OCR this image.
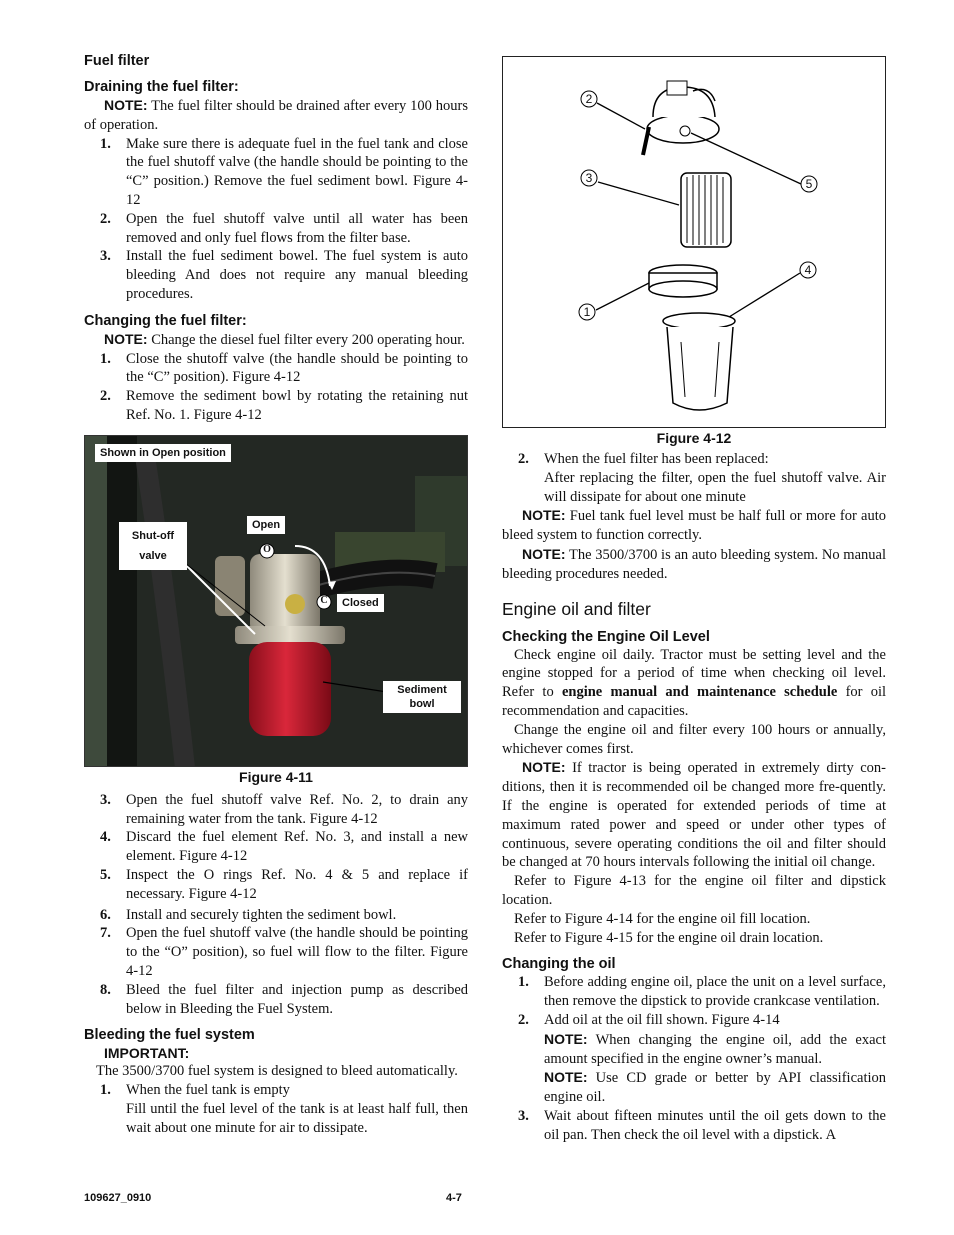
Fuel filter
Draining the fuel filter:

NOTE: The fuel filter should be drained after every 100 hours of operation.

1. Make sure there is adequate fuel in the fuel tank and close the fuel shutoff valve (the handle should be pointing to the “C” position.) Remove the fuel sediment bowl. Figure 4-12
2. Open the fuel shutoff valve until all water has been removed and only fuel flows from the filter base.
3. Install the fuel sediment bowel. The fuel system is auto bleeding And does not require any manual bleeding procedures.
Changing the fuel filter:

NOTE: Change the diesel fuel filter every 200 operating hour.

1. Close the shutoff valve (the handle should be pointing to the “C” position). Figure 4-12
2. Remove the sediment bowl by rotating the retaining nut Ref. No. 1. Figure 4-12
Shown in Open position
Shut-off
valve
Open
Closed
O
C
Sediment
bowl
Figure 4-11
3. Open the fuel shutoff valve Ref. No. 2, to drain any remaining water from the tank. Figure 4-12
4. Discard the fuel element Ref. No. 3, and install a new element. Figure 4-12
5. Inspect the O rings Ref. No. 4 & 5 and replace if necessary. Figure 4-12
6. Install and securely tighten the sediment bowl.
7. Open the fuel shutoff valve (the handle should be pointing to the “O” position), so fuel will flow to the filter. Figure 4-12
8. Bleed the fuel filter and injection pump as described below in Bleeding the Fuel System.
Bleeding the fuel system
IMPORTANT:

The 3500/3700 fuel system is designed to bleed automatically.

1. When the fuel tank is empty
Fill until the fuel level of the tank is at least half full, then wait about one minute for air to dissipate.
2
3	5
4
1
Figure 4-12
2. When the fuel filter has been replaced:
After replacing the filter, open the fuel shutoff valve. Air will dissipate for about one minute

NOTE: Fuel tank fuel level must be half full or more for auto bleed system to function correctly.

NOTE: The 3500/3700 is an auto bleeding system. No manual bleeding procedures needed.

Engine oil and filter
Checking the Engine Oil Level

Check engine oil daily. Tractor must be setting level and the engine stopped for a period of time when checking oil level. Refer to engine manual and maintenance schedule for oil recommendation and capacities.

Change the engine oil and filter every 100 hours or annually, whichever comes first.

NOTE: If tractor is being operated in extremely dirty con-ditions, then it is recommended oil be changed more fre-quently. If the engine is operated for extended periods of time at maximum rated power and speed or under other types of continuous, severe operating conditions the oil and filter should be changed at 70 hours intervals following the initial oil change.

Refer to Figure 4-13 for the engine oil filter and dipstick location.

Refer to Figure 4-14 for the engine oil fill location.

Refer to Figure 4-15 for the engine oil drain location.

Changing the oil
1. Before adding engine oil, place the unit on a level surface, then remove the dipstick to provide crankcase ventilation.
2. Add oil at the oil fill shown. Figure 4-14
NOTE: When changing the engine oil, add the exact amount specified in the engine owner’s manual.
NOTE: Use CD grade or better by API classification engine oil.
3. Wait about fifteen minutes until the oil gets down to the oil pan. Then check the oil level with a dipstick. A
109627_0910	4-7
